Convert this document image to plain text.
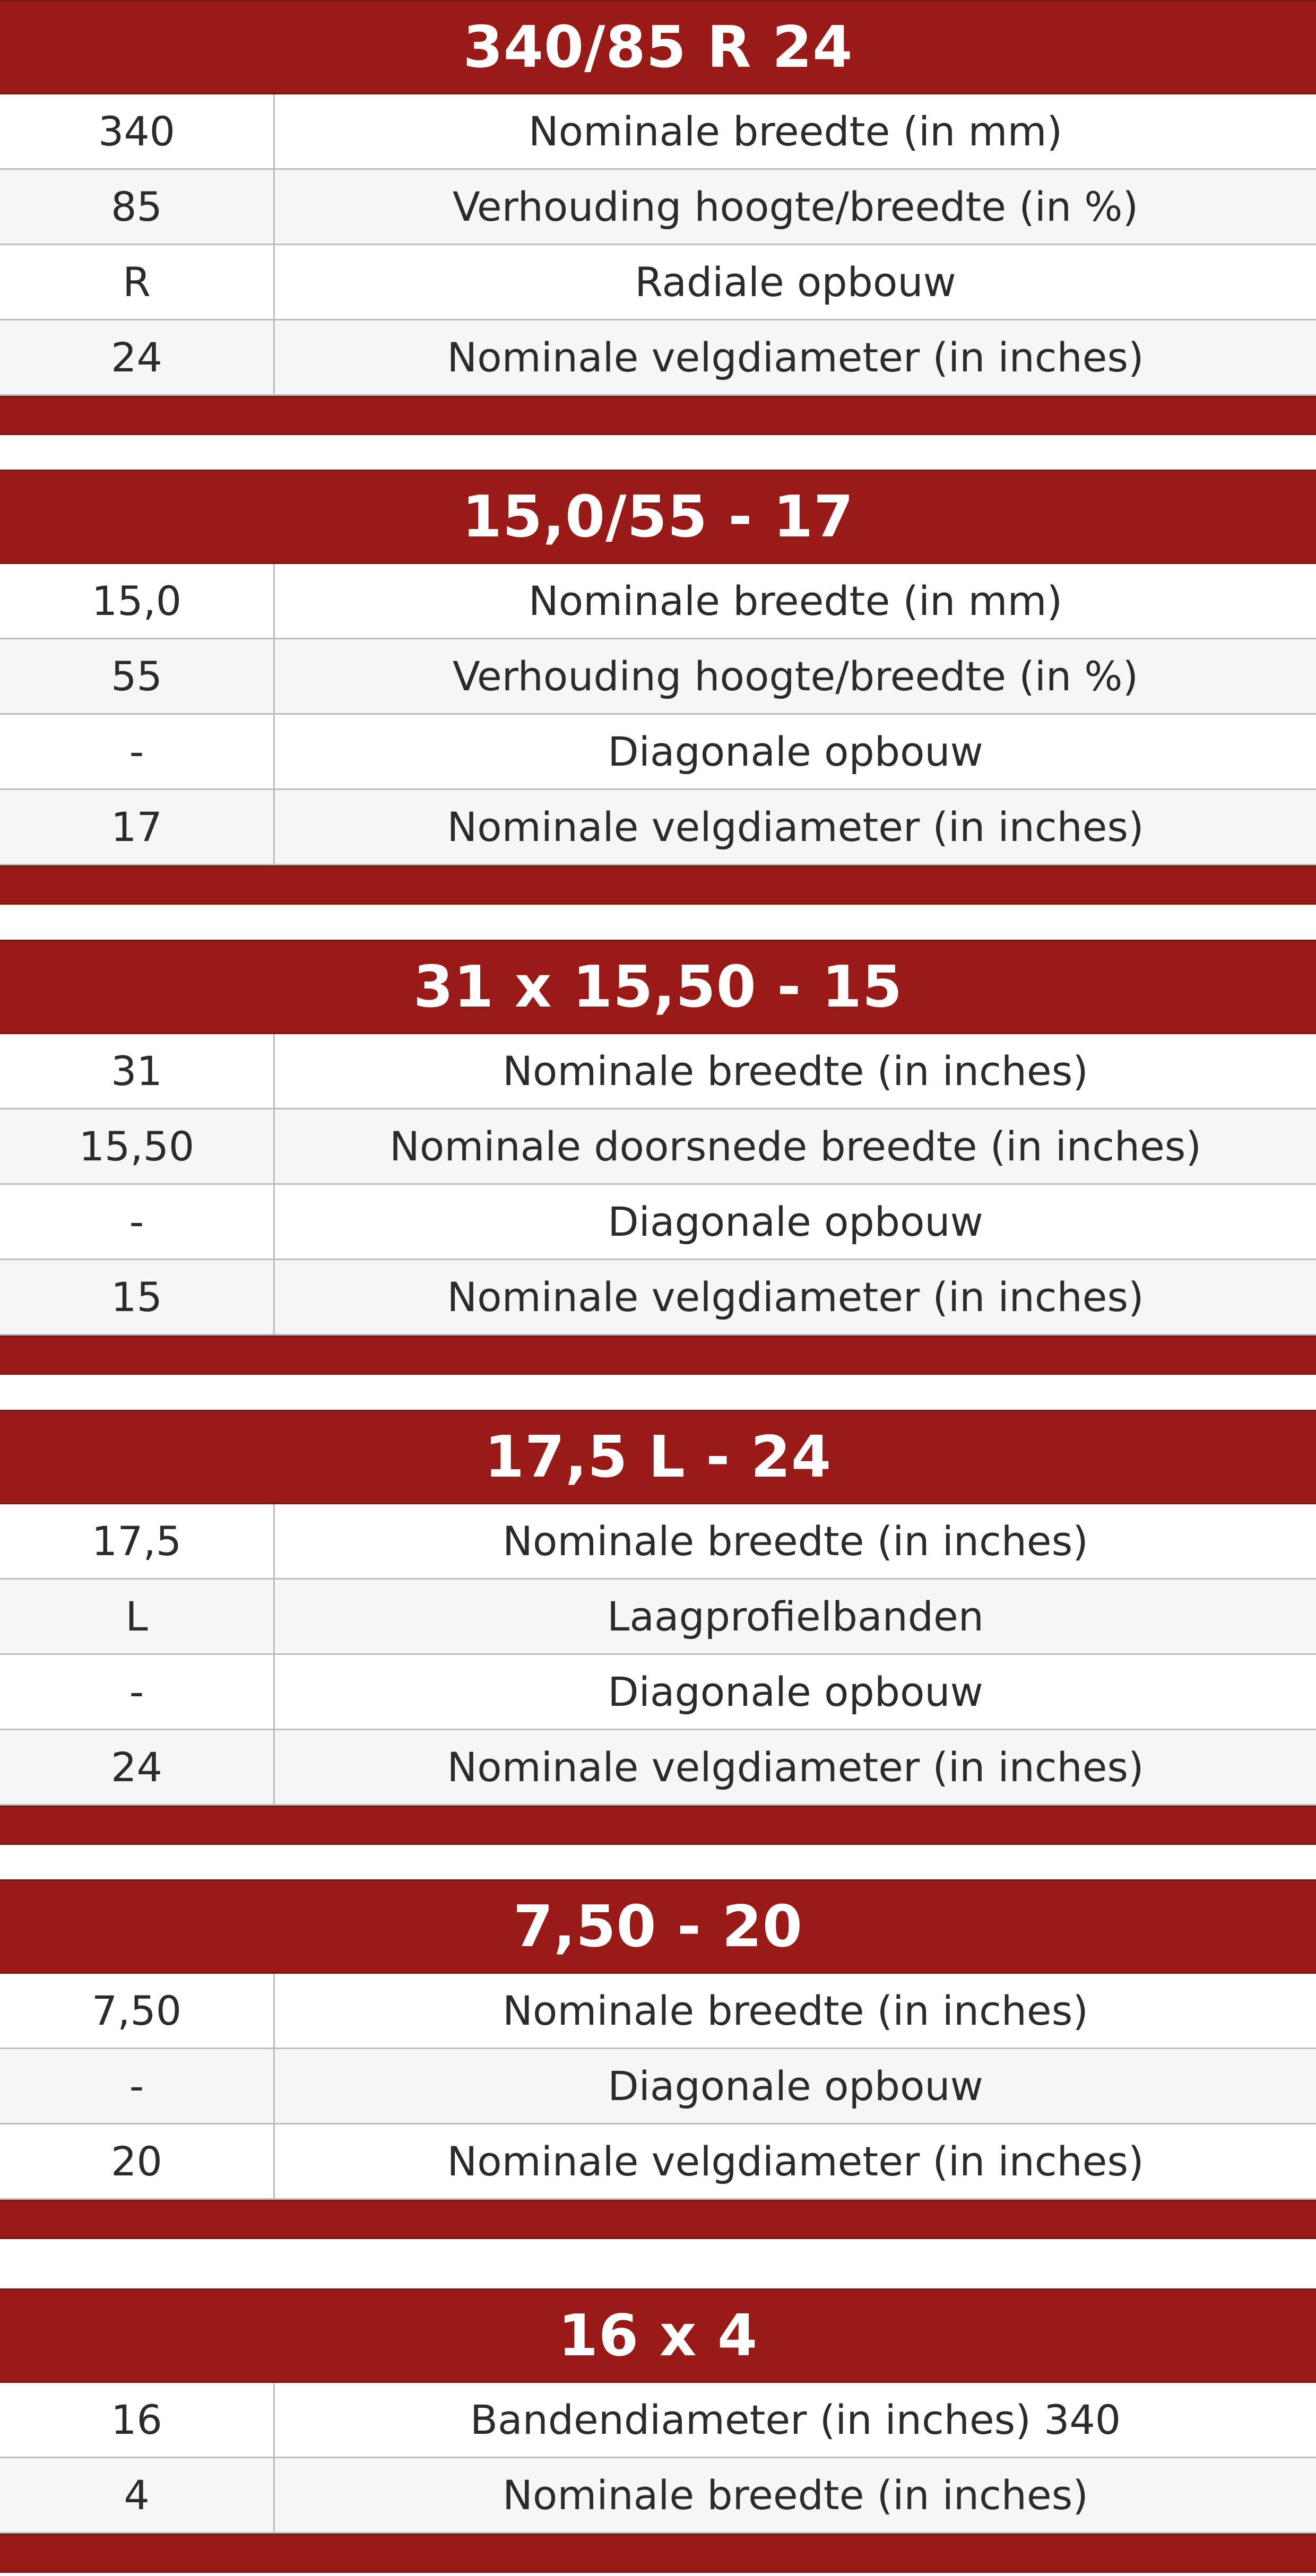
340/85 R 24
340	Nominale breedte (in mm)
85	Verhouding hoogte/breedte (in %)
R	Radiale opbouw
24	Nominale velgdiameter (in inches)
15,0/55 - 17
15,0	Nominale breedte (in mm)
55	Verhouding hoogte/breedte (in %)
-	Diagonale opbouw
17	Nominale velgdiameter (in inches)
31 x 15,50 - 15
31	Nominale breedte (in inches)
15,50	Nominale doorsnede breedte (in inches)
-	Diagonale opbouw
15	Nominale velgdiameter (in inches)
17,5 L - 24
17,5	Nominale breedte (in inches)
L	Laagprofielbanden
-	Diagonale opbouw
24	Nominale velgdiameter (in inches)
7,50 - 20
7,50	Nominale breedte (in inches)
-	Diagonale opbouw
20	Nominale velgdiameter (in inches)
16 x 4
16	Bandendiameter (in inches) 340
4	Nominale breedte (in inches)
